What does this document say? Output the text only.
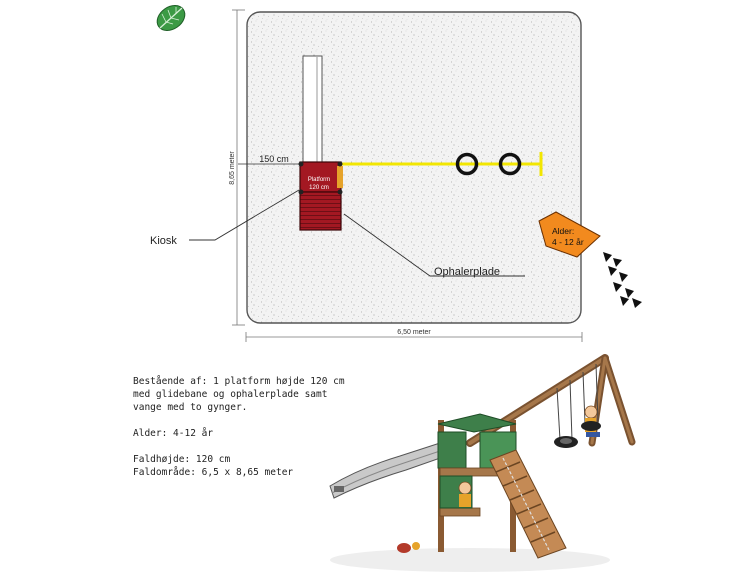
8,65 meter
6,50 meter
150 cm
Platform
120 cm
Kiosk
Ophalerplade
Alder:
4 - 12 år
Bestående af: 1 platform højde 120 cm
med glidebane og ophalerplade samt
vange med to gynger.
Alder: 4-12 år
Faldhøjde: 120 cm
Faldområde: 6,5 x 8,65 meter
